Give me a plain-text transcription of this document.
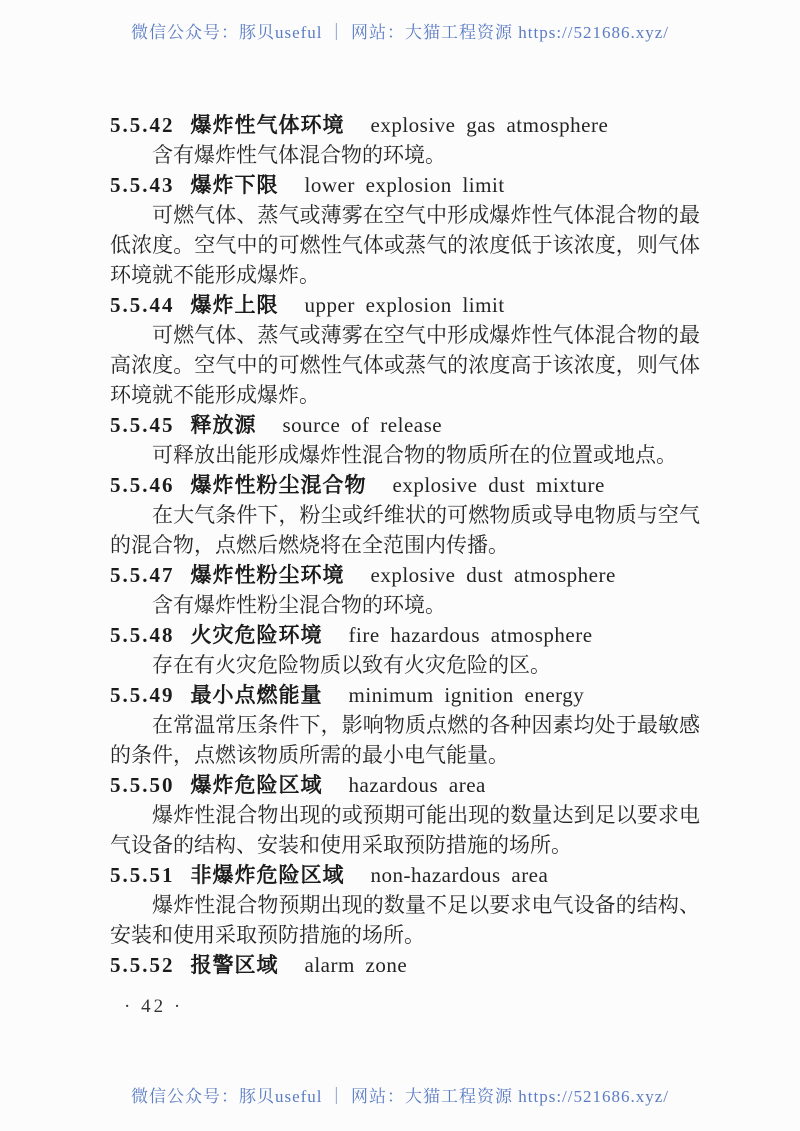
微信公众号：豚贝useful ｜ 网站：大猫工程资源 https://521686.xyz/
5.5.42 爆炸性气体环境 explosive gas atmosphere

含有爆炸性气体混合物的环境。

5.5.43 爆炸下限 lower explosion limit

可燃气体、蒸气或薄雾在空气中形成爆炸性气体混合物的最低浓度。空气中的可燃性气体或蒸气的浓度低于该浓度，则气体环境就不能形成爆炸。

5.5.44 爆炸上限 upper explosion limit

可燃气体、蒸气或薄雾在空气中形成爆炸性气体混合物的最高浓度。空气中的可燃性气体或蒸气的浓度高于该浓度，则气体环境就不能形成爆炸。

5.5.45 释放源 source of release

可释放出能形成爆炸性混合物的物质所在的位置或地点。

5.5.46 爆炸性粉尘混合物 explosive dust mixture

在大气条件下，粉尘或纤维状的可燃物质或导电物质与空气的混合物，点燃后燃烧将在全范围内传播。

5.5.47 爆炸性粉尘环境 explosive dust atmosphere

含有爆炸性粉尘混合物的环境。

5.5.48 火灾危险环境 fire hazardous atmosphere

存在有火灾危险物质以致有火灾危险的区。

5.5.49 最小点燃能量 minimum ignition energy

在常温常压条件下，影响物质点燃的各种因素均处于最敏感的条件，点燃该物质所需的最小电气能量。

5.5.50 爆炸危险区域 hazardous area

爆炸性混合物出现的或预期可能出现的数量达到足以要求电气设备的结构、安装和使用采取预防措施的场所。

5.5.51 非爆炸危险区域 non-hazardous area

爆炸性混合物预期出现的数量不足以要求电气设备的结构、安装和使用采取预防措施的场所。

5.5.52 报警区域 alarm zone
· 42 ·
微信公众号：豚贝useful ｜ 网站：大猫工程资源 https://521686.xyz/
